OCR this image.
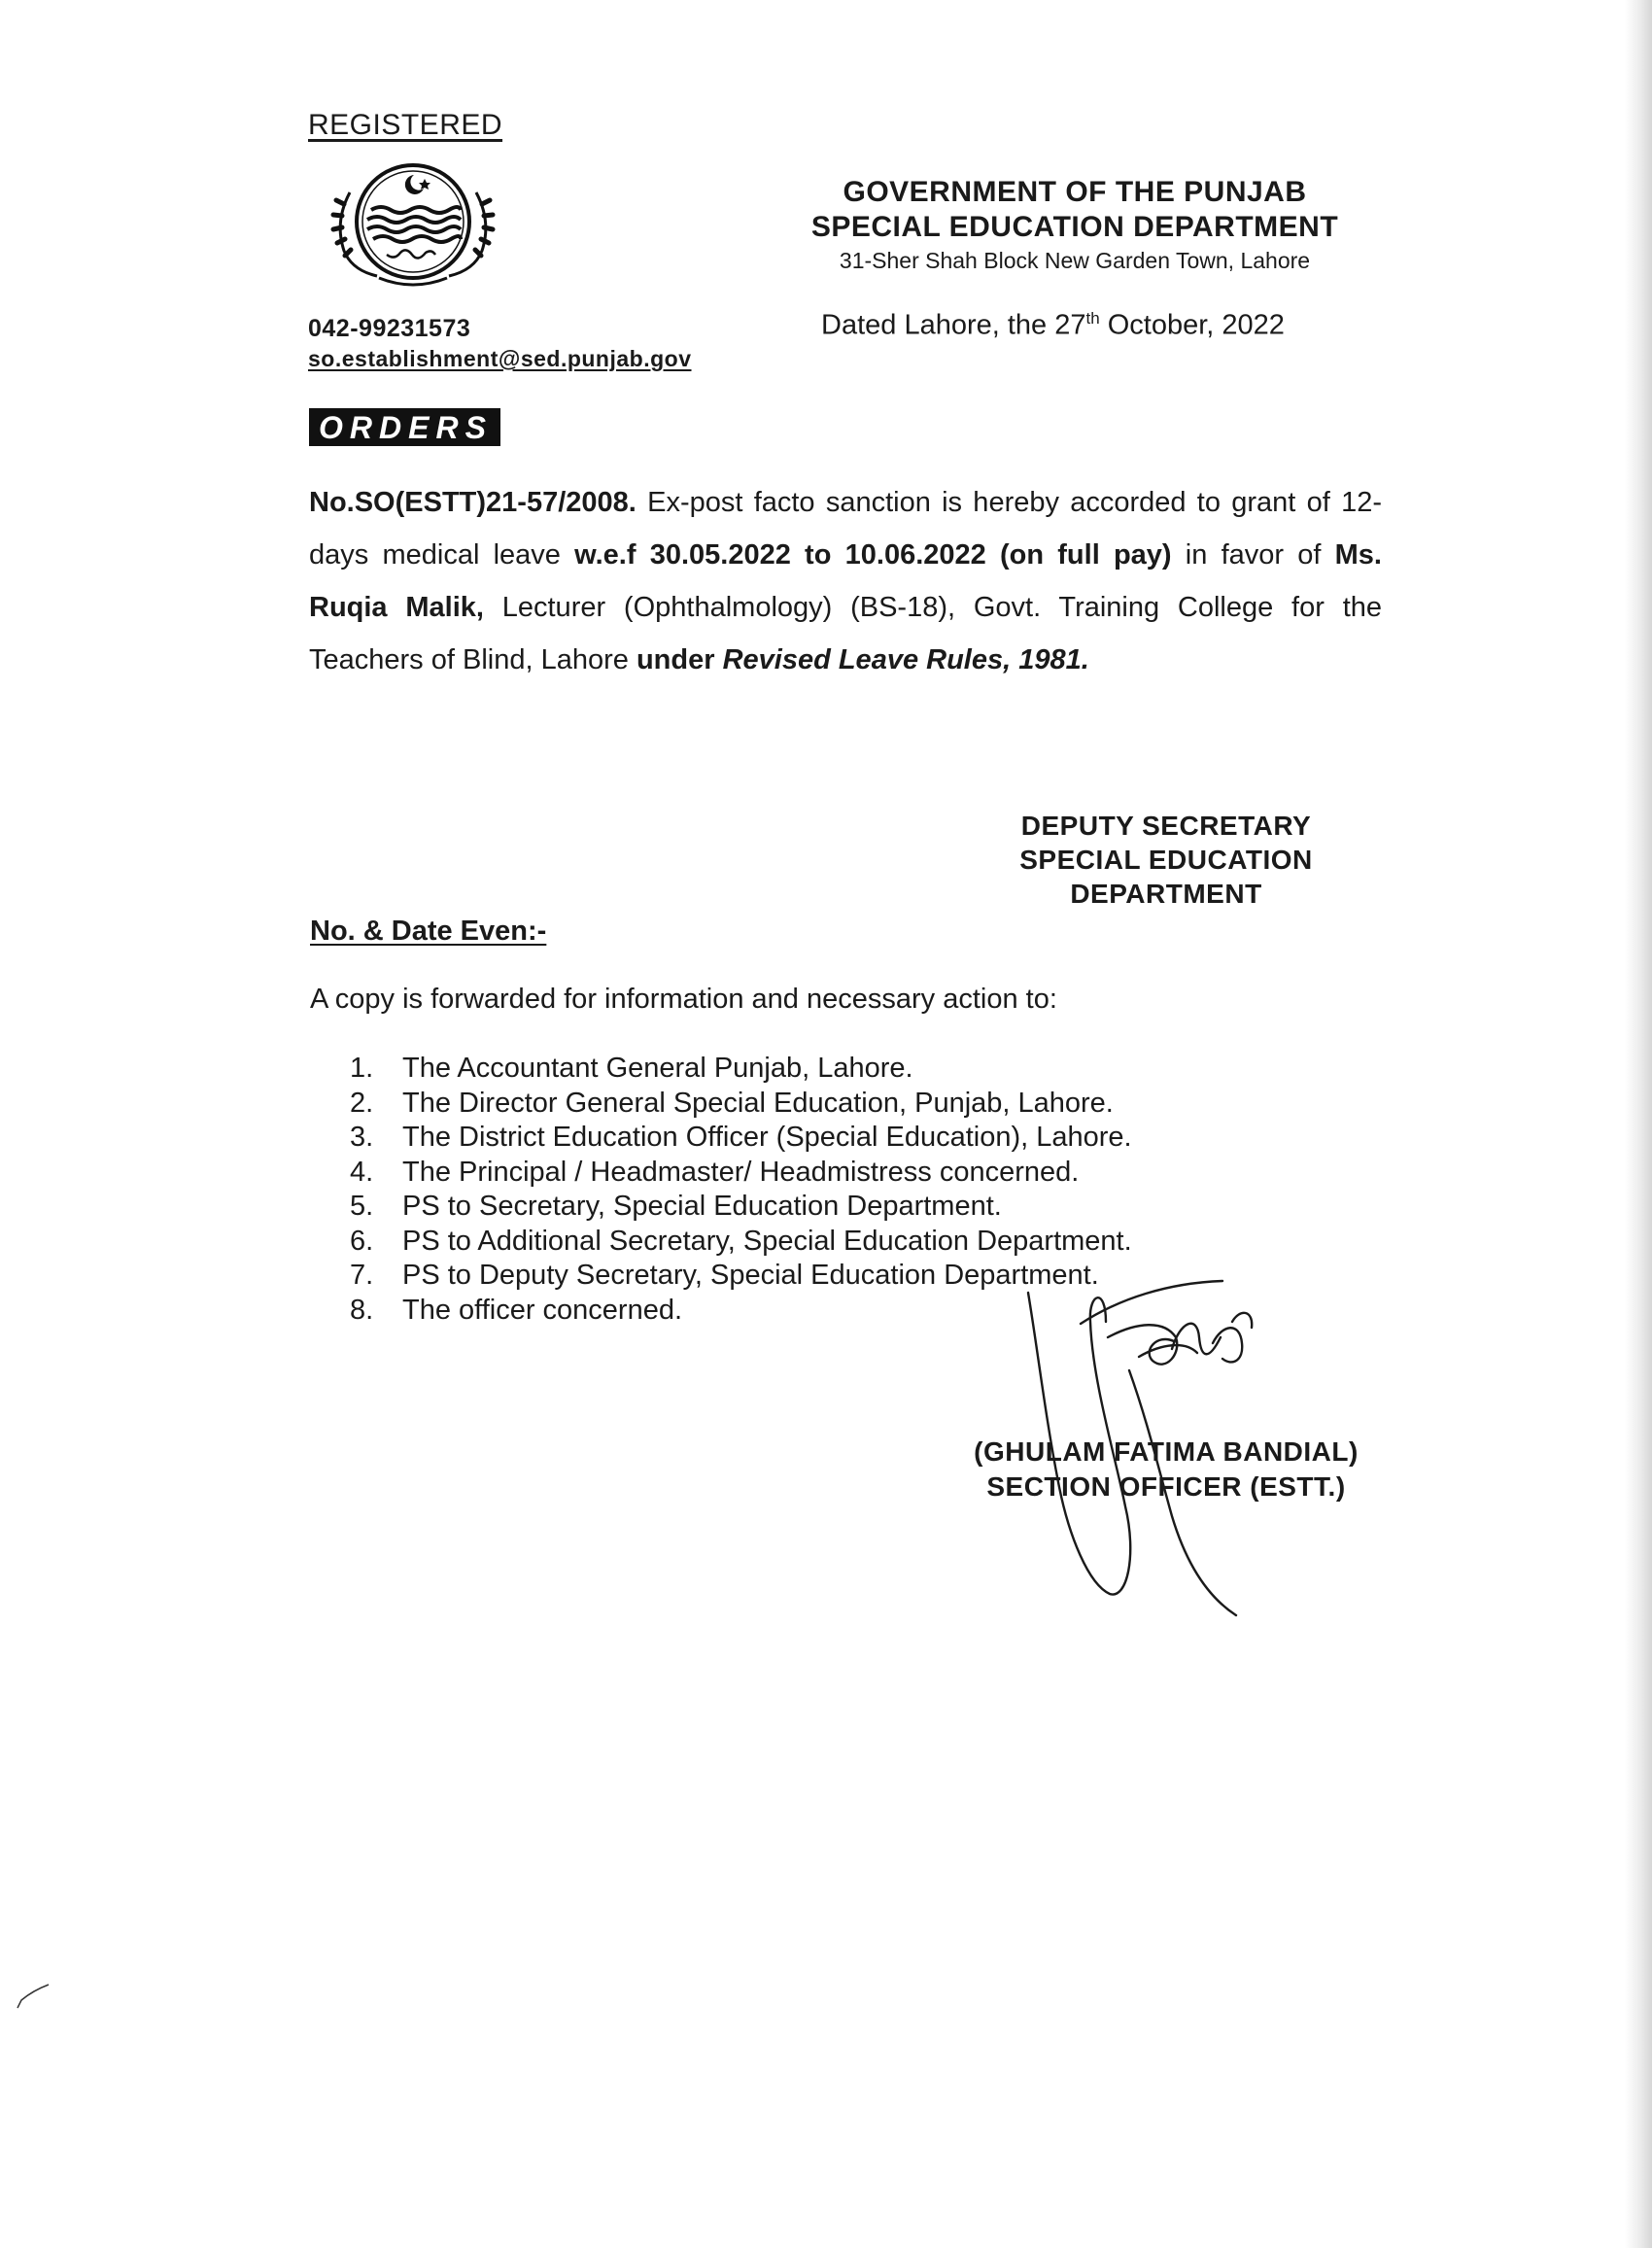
REGISTERED
GOVERNMENT OF THE PUNJAB
SPECIAL EDUCATION DEPARTMENT
31-Sher Shah Block New Garden Town, Lahore
042-99231573
so.establishment@sed.punjab.gov
Dated Lahore, the 27th October, 2022
ORDERS
No.SO(ESTT)21-57/2008. Ex-post facto sanction is hereby accorded to grant of 12-days medical leave w.e.f 30.05.2022 to 10.06.2022 (on full pay) in favor of Ms. Ruqia Malik, Lecturer (Ophthalmology) (BS-18), Govt. Training College for the Teachers of Blind, Lahore under Revised Leave Rules, 1981.
DEPUTY SECRETARY
SPECIAL EDUCATION
DEPARTMENT
No. & Date Even:-
A copy is forwarded for information and necessary action to:
1. The Accountant General Punjab, Lahore.
2. The Director General Special Education, Punjab, Lahore.
3. The District Education Officer (Special Education), Lahore.
4. The Principal / Headmaster/ Headmistress concerned.
5. PS to Secretary, Special Education Department.
6. PS to Additional Secretary, Special Education Department.
7. PS to Deputy Secretary, Special Education Department.
8. The officer concerned.
(GHULAM FATIMA BANDIAL)
SECTION OFFICER (ESTT.)
